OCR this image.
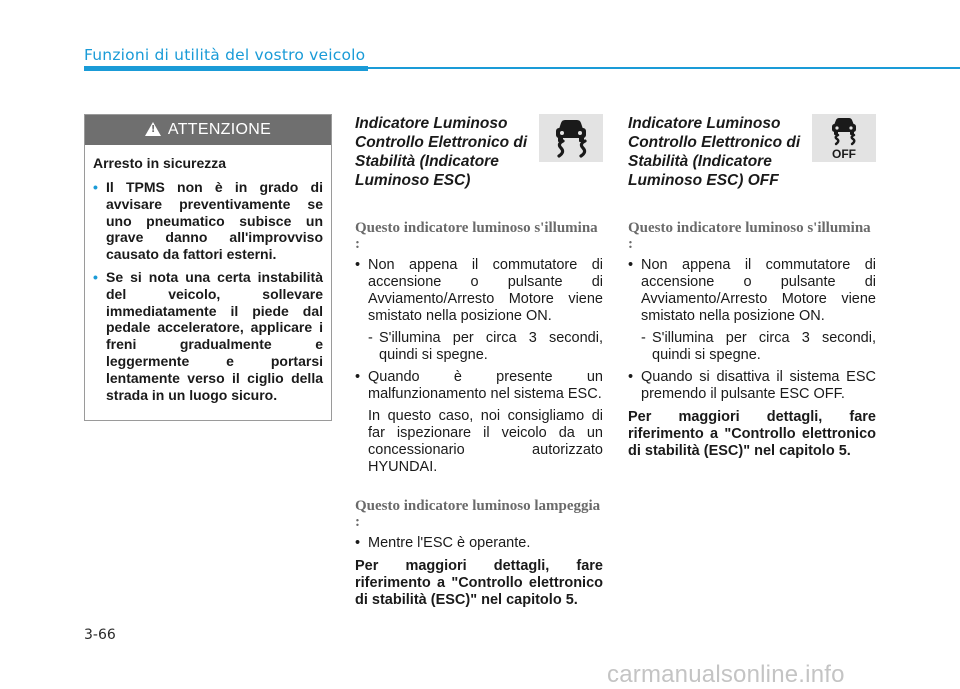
Funzioni di utilità del vostro veicolo
!
ATTENZIONE

Arresto in sicurezza

• Il TPMS non è in grado di avvisare preventivamente se uno pneumatico subisce un grave danno all'improvviso causato da fattori esterni.
• Se si nota una certa instabilità del veicolo, sollevare immediatamente il piede dal pedale acceleratore, applicare i freni gradualmente e leggermente e portarsi lentamente verso il ciglio della strada in un luogo sicuro.

Indicatore Luminoso Controllo Elettronico di Stabilità (Indicatore Luminoso ESC)

Questo indicatore luminoso s'illumina :

• Non appena il commutatore di accensione o pulsante di Avviamento/Arresto Motore viene smistato nella posizione ON.

- S'illumina per circa 3 secondi, quindi si spegne.

• Quando è presente un malfunzionamento nel sistema ESC.

In questo caso, noi consigliamo di far ispezionare il veicolo da un concessionario autorizzato HYUNDAI.

Questo indicatore luminoso lampeggia :

• Mentre l'ESC è operante.

Per maggiori dettagli, fare riferimento a "Controllo elettronico di stabilità (ESC)" nel capitolo 5.

Indicatore Luminoso Controllo Elettronico di Stabilità (Indicatore Luminoso ESC) OFF

OFF

Questo indicatore luminoso s'illumina :

• Non appena il commutatore di accensione o pulsante di Avviamento/Arresto Motore viene smistato nella posizione ON.

- S'illumina per circa 3 secondi, quindi si spegne.

• Quando si disattiva il sistema ESC premendo il pulsante ESC OFF.

Per maggiori dettagli, fare riferimento a "Controllo elettronico di stabilità (ESC)" nel capitolo 5.

3-66
carmanualsonline.info
